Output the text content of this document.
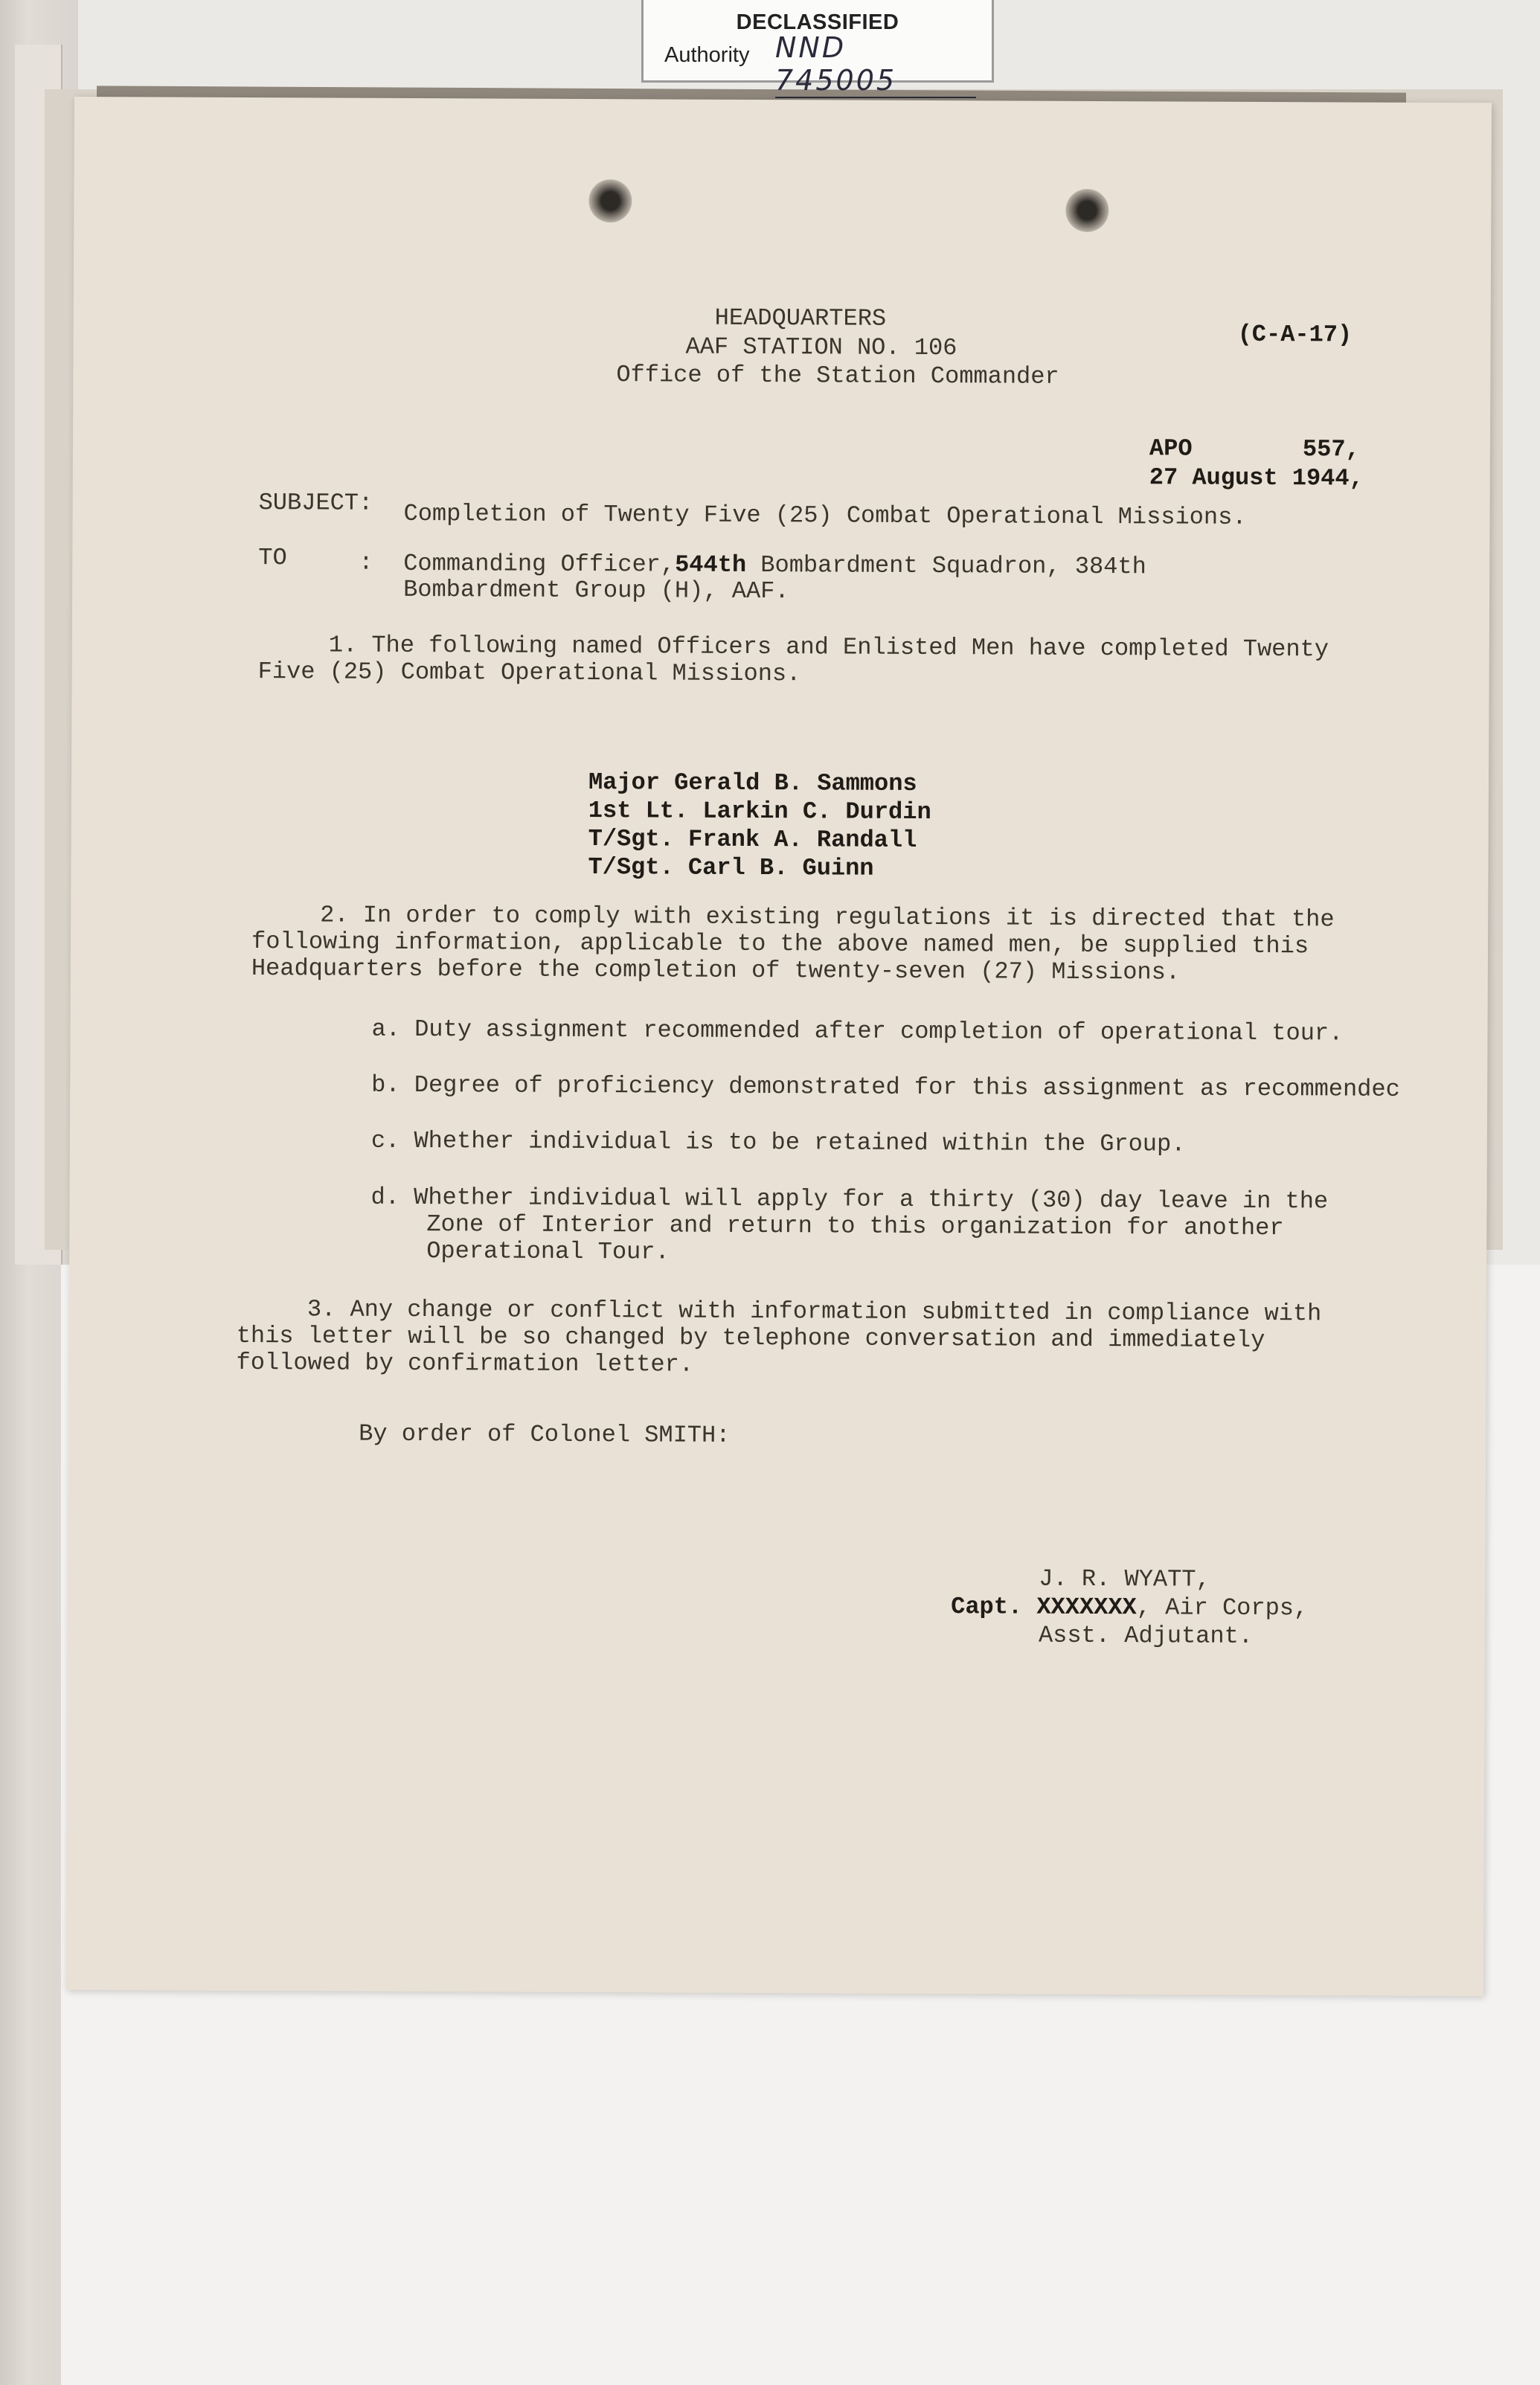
DECLASSIFIED
Authority NND 745005
HEADQUARTERS
AAF STATION NO. 106
Office of the Station Commander
(C-A-17)
APO	557,
27 August 1944,
SUBJECT: Completion of Twenty Five (25) Combat Operational Missions.
TO	: Commanding Officer,544th Bombardment Squadron, 384th
Bombardment Group (H), AAF.
1. The following named Officers and Enlisted Men have completed Twenty
Five (25) Combat Operational Missions.
Major Gerald B. Sammons
1st Lt. Larkin C. Durdin
T/Sgt. Frank A. Randall
T/Sgt. Carl B. Guinn
2. In order to comply with existing regulations it is directed that the
following information, applicable to the above named men, be supplied this
Headquarters before the completion of twenty-seven (27) Missions.
a. Duty assignment recommended after completion of operational tour.
b. Degree of proficiency demonstrated for this assignment as recommendec
c. Whether individual is to be retained within the Group.
d. Whether individual will apply for a thirty (30) day leave in the
Zone of Interior and return to this organization for another
Operational Tour.
3. Any change or conflict with information submitted in compliance with
this letter will be so changed by telephone conversation and immediately
followed by confirmation letter.
By order of Colonel SMITH:
J. R. WYATT,
Capt. XXXXXXX, Air Corps,
Asst. Adjutant.
